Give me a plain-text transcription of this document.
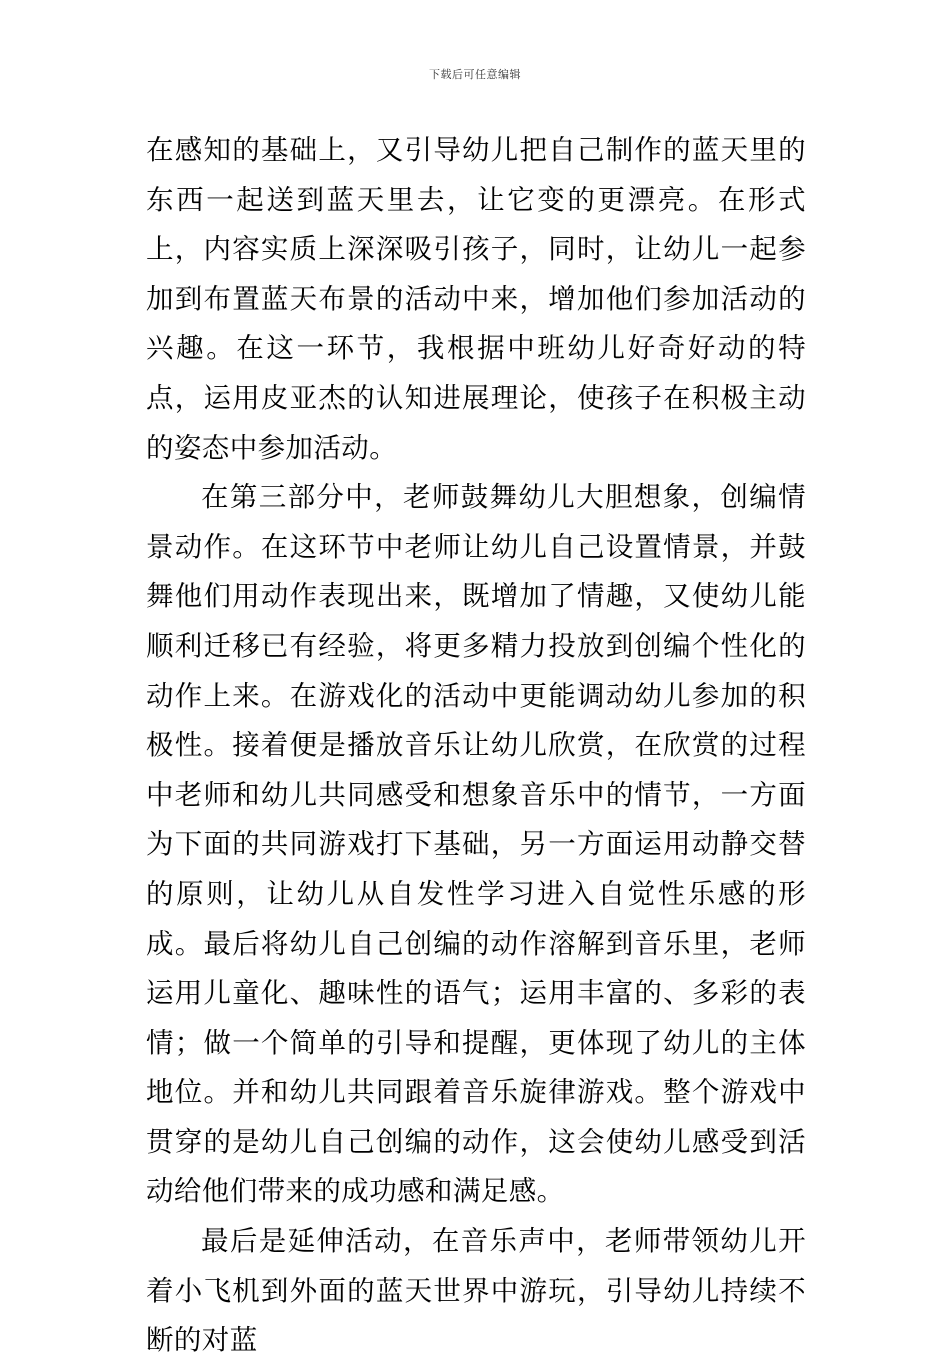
下载后可任意编辑

在感知的基础上，又引导幼儿把自己制作的蓝天里的东西一起送到蓝天里去，让它变的更漂亮。在形式上，内容实质上深深吸引孩子，同时，让幼儿一起参加到布置蓝天布景的活动中来，增加他们参加活动的兴趣。在这一环节，我根据中班幼儿好奇好动的特点，运用皮亚杰的认知进展理论，使孩子在积极主动的姿态中参加活动。

在第三部分中，老师鼓舞幼儿大胆想象，创编情景动作。在这环节中老师让幼儿自己设置情景，并鼓舞他们用动作表现出来，既增加了情趣，又使幼儿能顺利迁移已有经验，将更多精力投放到创编个性化的动作上来。在游戏化的活动中更能调动幼儿参加的积极性。接着便是播放音乐让幼儿欣赏，在欣赏的过程中老师和幼儿共同感受和想象音乐中的情节，一方面为下面的共同游戏打下基础，另一方面运用动静交替的原则，让幼儿从自发性学习进入自觉性乐感的形成。最后将幼儿自己创编的动作溶解到音乐里，老师运用儿童化、趣味性的语气；运用丰富的、多彩的表情；做一个简单的引导和提醒，更体现了幼儿的主体地位。并和幼儿共同跟着音乐旋律游戏。整个游戏中贯穿的是幼儿自己创编的动作，这会使幼儿感受到活动给他们带来的成功感和满足感。

最后是延伸活动，在音乐声中，老师带领幼儿开着小飞机到外面的蓝天世界中游玩，引导幼儿持续不断的对蓝
